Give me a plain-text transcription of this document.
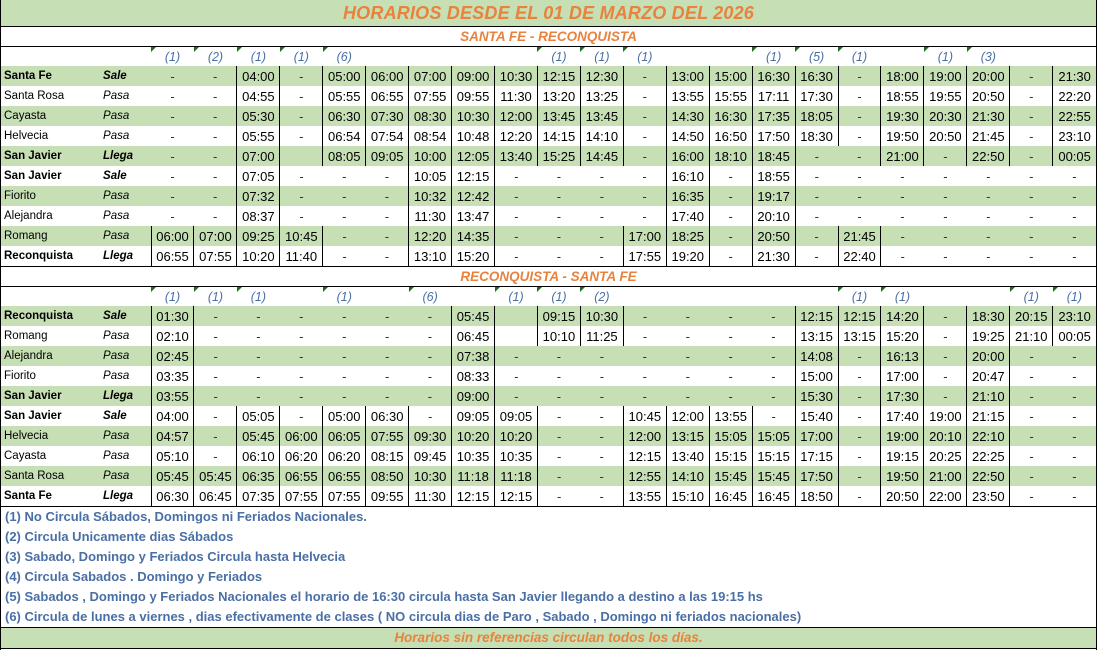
HORARIOS DESDE EL 01 DE MARZO DEL 2026
SANTA FE - RECONQUISTA
		(1)	(2)	(1)	(1)	(6)					(1)	(1)	(1)			(1)	(5)	(1)		(1)	(3)		
Santa Fe	Sale	-	-	04:00	-	05:00	06:00	07:00	09:00	10:30	12:15	12:30	-	13:00	15:00	16:30	16:30	-	18:00	19:00	20:00	-	21:30
Santa Rosa	Pasa	-	-	04:55	-	05:55	06:55	07:55	09:55	11:30	13:20	13:25	-	13:55	15:55	17:11	17:30	-	18:55	19:55	20:50	-	22:20
Cayasta	Pasa	-	-	05:30	-	06:30	07:30	08:30	10:30	12:00	13:45	13:45	-	14:30	16:30	17:35	18:05	-	19:30	20:30	21:30	-	22:55
Helvecia	Pasa	-	-	05:55	-	06:54	07:54	08:54	10:48	12:20	14:15	14:10	-	14:50	16:50	17:50	18:30	-	19:50	20:50	21:45	-	23:10
San Javier	Llega	-	-	07:00		08:05	09:05	10:00	12:05	13:40	15:25	14:45	-	16:00	18:10	18:45	-	-	21:00	-	22:50	-	00:05
San Javier	Sale	-	-	07:05	-	-	-	10:05	12:15	-	-	-	-	16:10	-	18:55	-	-	-	-	-	-	-
Fiorito	Pasa	-	-	07:32	-	-	-	10:32	12:42	-	-	-	-	16:35	-	19:17	-	-	-	-	-	-	-
Alejandra	Pasa	-	-	08:37	-	-	-	11:30	13:47	-	-	-	-	17:40	-	20:10	-	-	-	-	-	-	-
Romang	Pasa	06:00	07:00	09:25	10:45	-	-	12:20	14:35	-	-	-	17:00	18:25	-	20:50	-	21:45	-	-	-	-	-
Reconquista	Llega	06:55	07:55	10:20	11:40	-	-	13:10	15:20	-	-	-	17:55	19:20	-	21:30	-	22:40	-	-	-	-	-
RECONQUISTA - SANTA FE
		(1)	(1)	(1)		(1)		(6)		(1)	(1)	(2)						(1)	(1)			(1)	(1)
Reconquista	Sale	01:30	-	-	-	-	-	-	05:45		09:15	10:30	-	-	-	-	12:15	12:15	14:20	-	18:30	20:15	23:10
Romang	Pasa	02:10	-	-	-	-	-	-	06:45		10:10	11:25	-	-	-	-	13:15	13:15	15:20	-	19:25	21:10	00:05
Alejandra	Pasa	02:45	-	-	-	-	-	-	07:38	-	-	-	-	-	-	-	14:08	-	16:13	-	20:00	-	-
Fiorito	Pasa	03:35	-	-	-	-	-	-	08:33	-	-	-	-	-	-	-	15:00	-	17:00	-	20:47	-	-
San Javier	Llega	03:55	-	-	-	-	-	-	09:00	-	-	-	-	-	-	-	15:30	-	17:30	-	21:10	-	-
San Javier	Sale	04:00	-	05:05	-	05:00	06:30	-	09:05	09:05	-	-	10:45	12:00	13:55	-	15:40	-	17:40	19:00	21:15	-	-
Helvecia	Pasa	04:57	-	05:45	06:00	06:05	07:55	09:30	10:20	10:20	-	-	12:00	13:15	15:05	15:05	17:00	-	19:00	20:10	22:10	-	-
Cayasta	Pasa	05:10	-	06:10	06:20	06:20	08:15	09:45	10:35	10:35	-	-	12:15	13:40	15:15	15:15	17:15	-	19:15	20:25	22:25	-	-
Santa Rosa	Pasa	05:45	05:45	06:35	06:55	06:55	08:50	10:30	11:18	11:18	-	-	12:55	14:10	15:45	15:45	17:50	-	19:50	21:00	22:50	-	-
Santa Fe	Llega	06:30	06:45	07:35	07:55	07:55	09:55	11:30	12:15	12:15	-	-	13:55	15:10	16:45	16:45	18:50	-	20:50	22:00	23:50	-	-
(1) No Circula Sábados, Domingos ni Feriados Nacionales.
(2) Circula Unicamente dias Sábados
(3) Sabado, Domingo y Feriados Circula hasta Helvecia
(4) Circula Sabados . Domingo y Feriados
(5) Sabados , Domingo y Feriados Nacionales el horario de 16:30 circula hasta San Javier llegando a destino a las 19:15 hs
(6) Circula de lunes a viernes , dias efectivamente de clases ( NO circula dias de Paro , Sabado , Domingo ni feriados nacionales)
Horarios sin referencias circulan todos los días.
